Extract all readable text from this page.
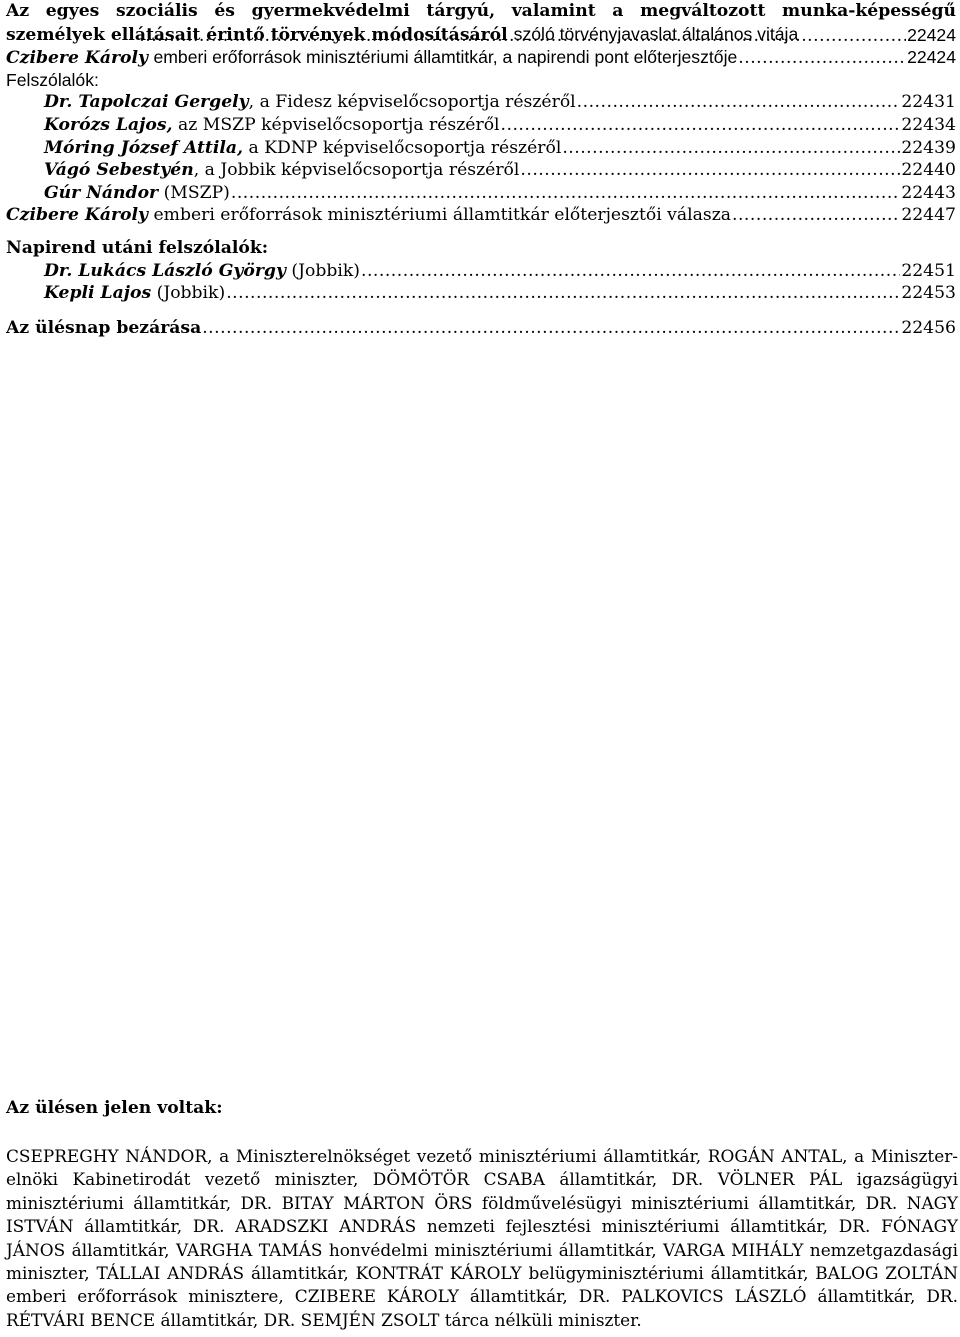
Az egyes szociális és gyermekvédelmi tárgyú, valamint a megváltozott munka-képességű személyek ellátásait érintő törvények módosításáról szóló törvényjavaslat általános vitája .....	22424
Czibere Károly emberi erőforrások minisztériumi államtitkár, a napirendi pont előterjesztője .....	22424
Felszólalók:
Dr. Tapolczai Gergely, a Fidesz képviselőcsoportja részéről .....	22431
Korózs Lajos, az MSZP képviselőcsoportja részéről .....	22434
Móring József Attila, a KDNP képviselőcsoportja részéről .....	22439
Vágó Sebestyén, a Jobbik képviselőcsoportja részéről .....	22440
Gúr Nándor (MSZP) .....	22443
Czibere Károly emberi erőforrások minisztériumi államtitkár előterjesztői válasza .....	22447
Napirend utáni felszólalók:
Dr. Lukács László György (Jobbik) .....	22451
Kepli Lajos (Jobbik) .....	22453
Az ülésnap bezárása .....	22456
Az ülésen jelen voltak:
CSEPREGHY NÁNDOR, a Miniszterelnökséget vezető minisztériumi államtitkár, ROGÁN ANTAL, a Miniszter-elnöki Kabinetirodát vezető miniszter, DÖMÖTÖR CSABA államtitkár, DR. VÖLNER PÁL igazságügyi minisztériumi államtitkár, DR. BITAY MÁRTON ÖRS földművelésügyi minisztériumi államtitkár, DR. NAGY ISTVÁN államtitkár, DR. ARADSZKI ANDRÁS nemzeti fejlesztési minisztériumi államtitkár, DR. FÓNAGY JÁNOS államtitkár, VARGHA TAMÁS honvédelmi minisztériumi államtitkár, VARGA MIHÁLY nemzetgazdasági miniszter, TÁLLAI ANDRÁS államtitkár, KONTRÁT KÁROLY belügyminisztériumi államtitkár, BALOG ZOLTÁN emberi erőforrások minisztere, CZIBERE KÁROLY államtitkár, DR. PALKOVICS LÁSZLÓ államtitkár, DR. RÉTVÁRI BENCE államtitkár, DR. SEMJÉN ZSOLT tárca nélküli miniszter.
